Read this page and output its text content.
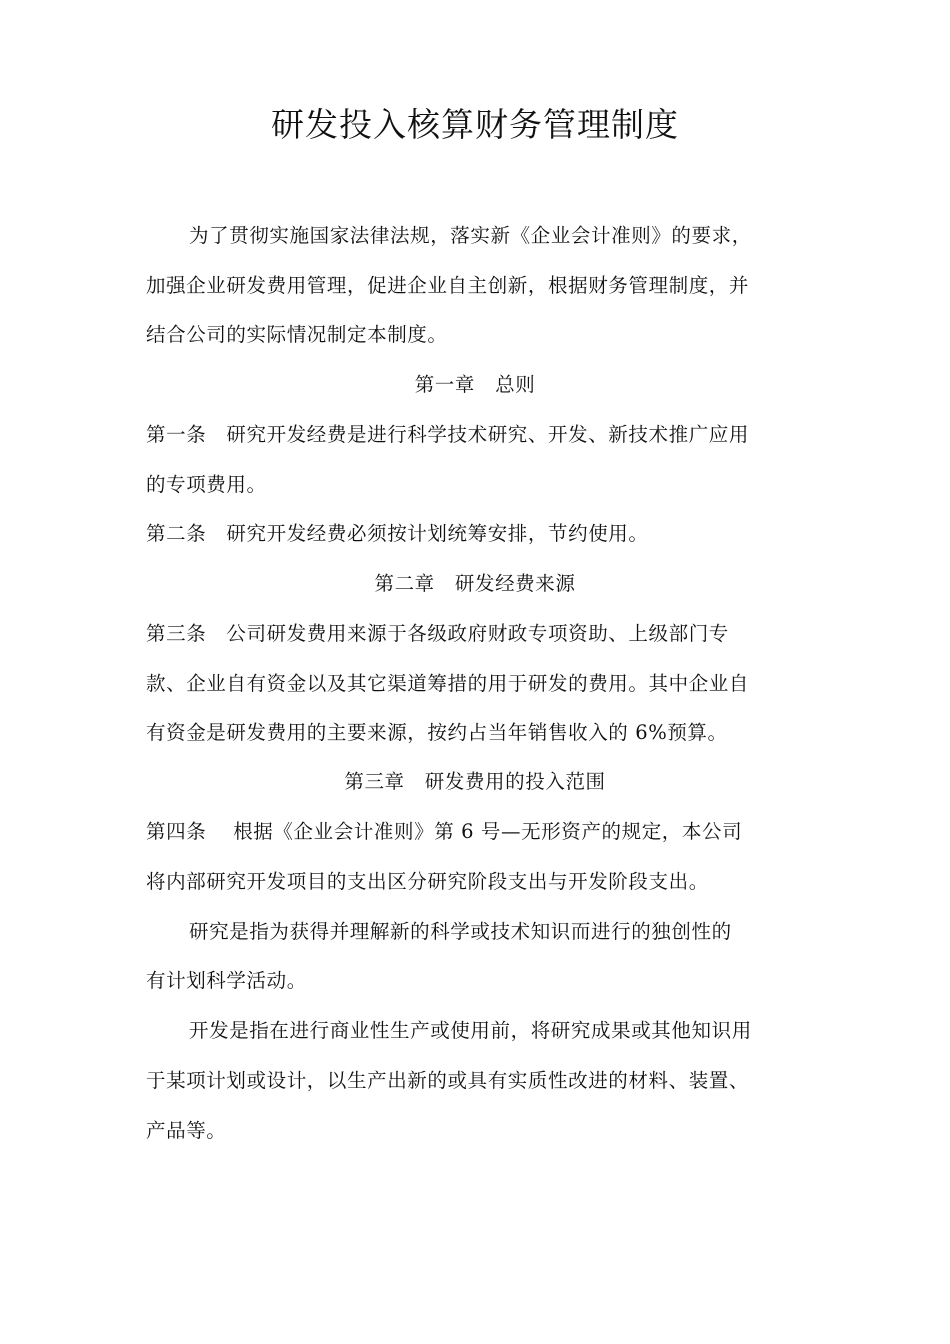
研发投入核算财务管理制度
为了贯彻实施国家法律法规，落实新《企业会计准则》的要求，
加强企业研发费用管理，促进企业自主创新，根据财务管理制度，并
结合公司的实际情况制定本制度。
第一章　总则
第一条　研究开发经费是进行科学技术研究、开发、新技术推广应用
的专项费用。
第二条　研究开发经费必须按计划统筹安排，节约使用。
第二章　研发经费来源
第三条　公司研发费用来源于各级政府财政专项资助、上级部门专
款、企业自有资金以及其它渠道筹措的用于研发的费用。其中企业自
有资金是研发费用的主要来源，按约占当年销售收入的 6%预算。
第三章　研发费用的投入范围
第四条　 根据《企业会计准则》第 6 号—无形资产的规定，本公司
将内部研究开发项目的支出区分研究阶段支出与开发阶段支出。
研究是指为获得并理解新的科学或技术知识而进行的独创性的
有计划科学活动。
开发是指在进行商业性生产或使用前，将研究成果或其他知识用
于某项计划或设计，以生产出新的或具有实质性改进的材料、装置、
产品等。
